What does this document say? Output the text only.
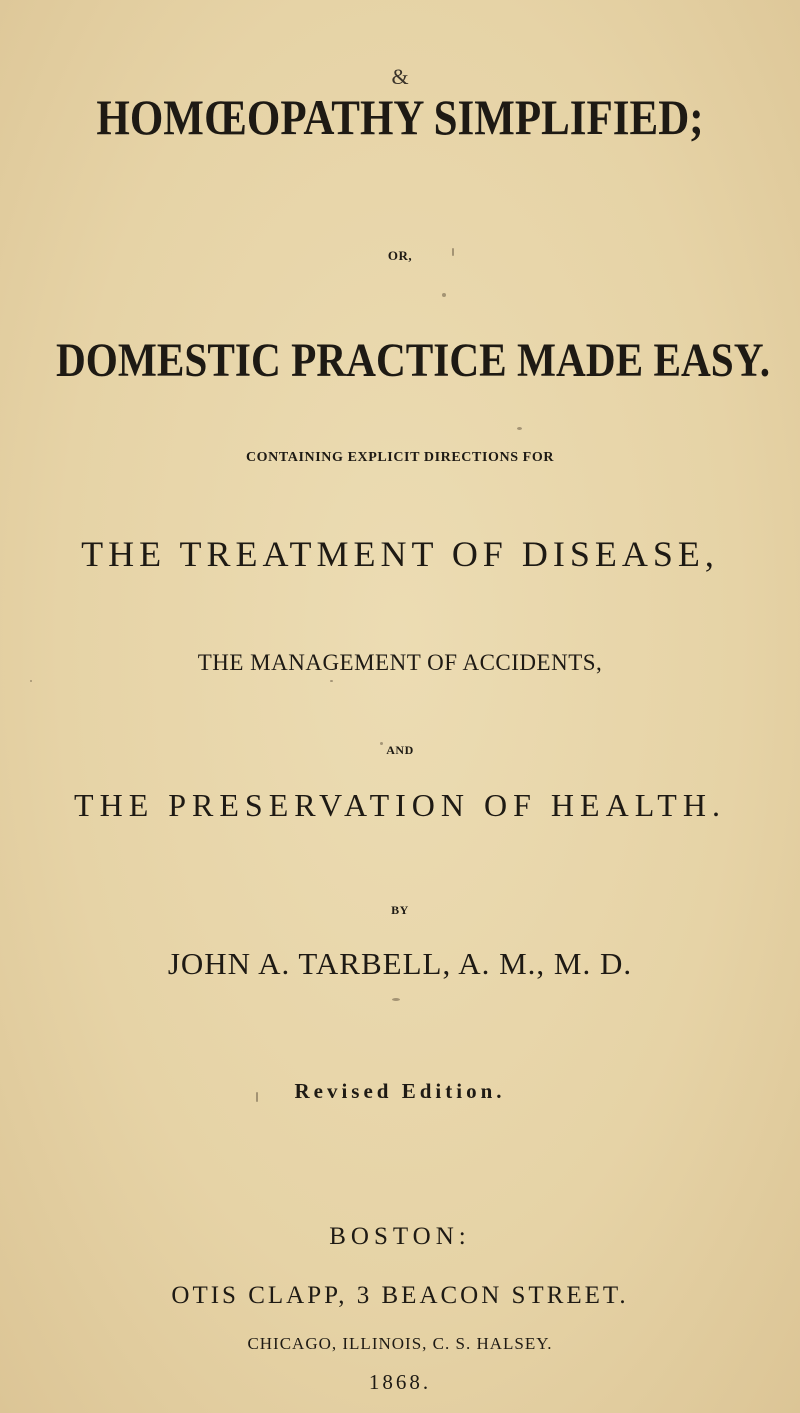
&
HOMŒOPATHY SIMPLIFIED;
OR,
DOMESTIC PRACTICE MADE EASY.
CONTAINING EXPLICIT DIRECTIONS FOR
THE TREATMENT OF DISEASE,
THE MANAGEMENT OF ACCIDENTS,
AND
THE PRESERVATION OF HEALTH.
BY
JOHN A. TARBELL, A. M., M. D.
Revised Edition.
BOSTON:
OTIS CLAPP, 3 BEACON STREET.
CHICAGO, ILLINOIS, C. S. HALSEY.
1868.
